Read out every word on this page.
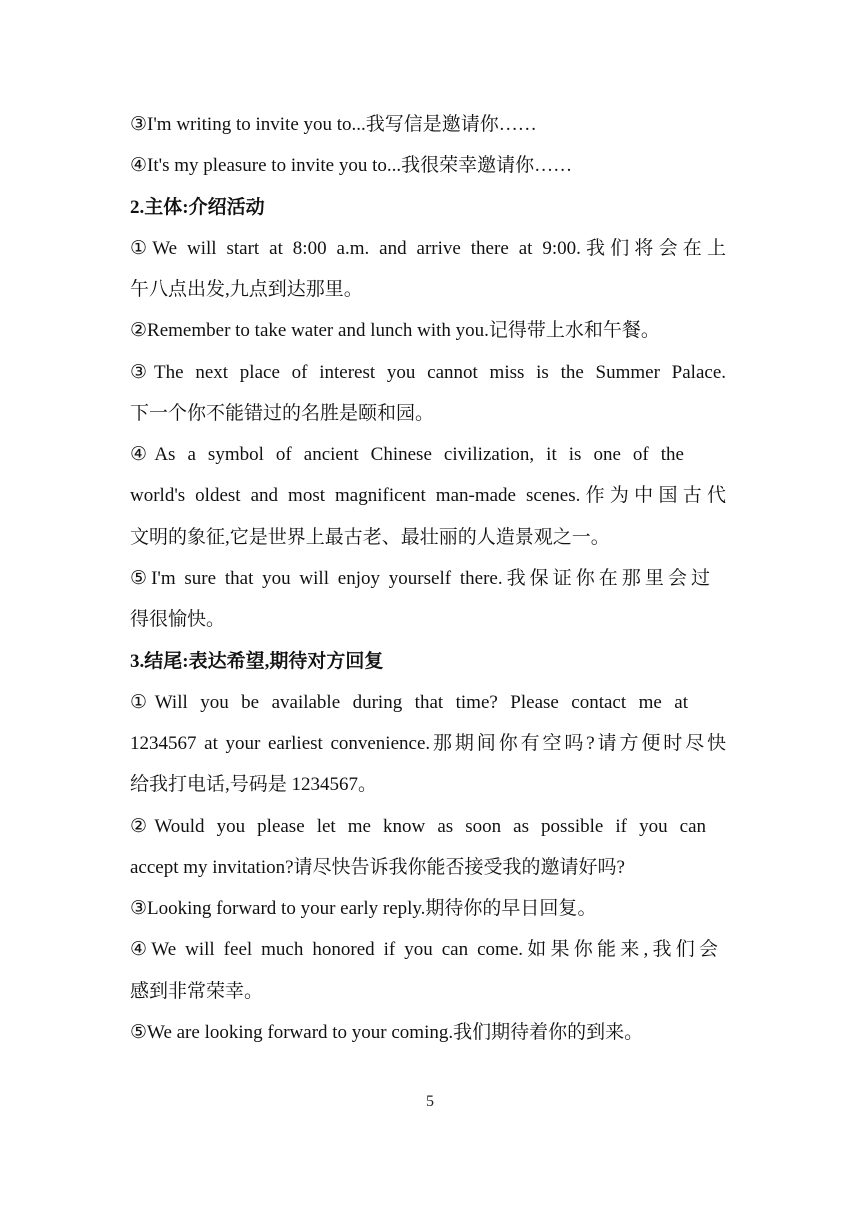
③I'm writing to invite you to...我写信是邀请你……
④It's my pleasure to invite you to...我很荣幸邀请你……
2.主体:介绍活动
①We will start at 8:00 a.m. and arrive there at 9:00.我们将会在上
午八点出发,九点到达那里。
②Remember to take water and lunch with you.记得带上水和午餐。
③The next place of interest you cannot miss is the Summer Palace.
下一个你不能错过的名胜是颐和园。
④As a symbol of ancient Chinese civilization, it is one of the
world's oldest and most magnificent man-made scenes.作为中国古代
文明的象征,它是世界上最古老、最壮丽的人造景观之一。
⑤I'm sure that you will enjoy yourself there.我保证你在那里会过
得很愉快。
3.结尾:表达希望,期待对方回复
①Will you be available during that time? Please contact me at
1234567 at your earliest convenience.那期间你有空吗?请方便时尽快
给我打电话,号码是 1234567。
②Would you please let me know as soon as possible if you can
accept my invitation?请尽快告诉我你能否接受我的邀请好吗?
③Looking forward to your early reply.期待你的早日回复。
④We will feel much honored if you can come.如果你能来,我们会
感到非常荣幸。
⑤We are looking forward to your coming.我们期待着你的到来。
5
